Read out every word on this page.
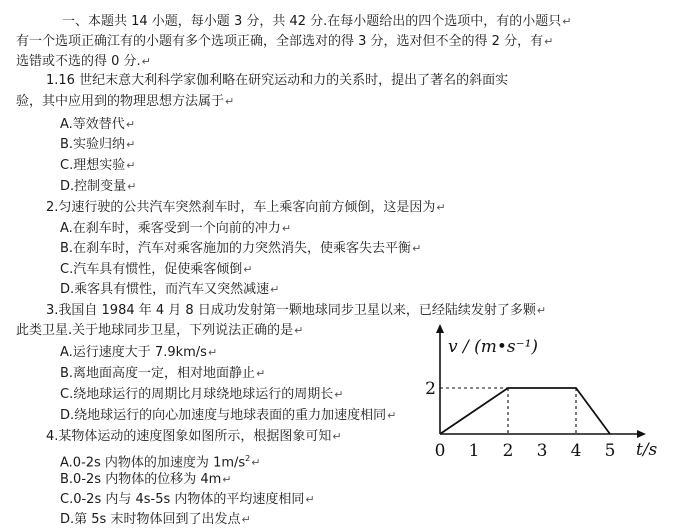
一、本题共 14 小题，每小题 3 分，共 42 分.在每小题给出的四个选项中，有的小题只↵
有一个选项正确江有的小题有多个选项正确，全部选对的得 3 分，选对但不全的得 2 分，有↵
选错或不选的得 0 分.↵
1.16 世纪末意大利科学家伽利略在研究运动和力的关系时，提出了著名的斜面实
验，其中应用到的物理思想方法属于↵
A.等效替代↵
B.实验归纳↵
C.理想实验↵
D.控制变量↵
2.匀速行驶的公共汽车突然刹车时，车上乘客向前方倾倒，这是因为↵
A.在刹车时，乘客受到一个向前的冲力↵
B.在刹车时，汽车对乘客施加的力突然消失，使乘客失去平衡↵
C.汽车具有惯性，促使乘客倾倒↵
D.乘客具有惯性，而汽车又突然减速↵
3.我国自 1984 年 4 月 8 日成功发射第一颗地球同步卫星以来，已经陆续发射了多颗↵
此类卫星.关于地球同步卫星，下列说法正确的是↵
A.运行速度大于 7.9km/s↵
B.离地面高度一定，相对地面静止↵
C.绕地球运行的周期比月球绕地球运行的周期长↵
D.绕地球运行的向心加速度与地球表面的重力加速度相同↵
4.某物体运动的速度图象如图所示，根据图象可知↵
A.0-2s 内物体的加速度为 $1m/s^2↵$
B.0-2s 内物体的位移为 4m↵
C.0-2s 内与 4s-5s 内物体的平均速度相同↵
D.第 5s 末时物体回到了出发点↵
0 1 2 3 4 5
2
v / (m•s⁻¹)
t/s
